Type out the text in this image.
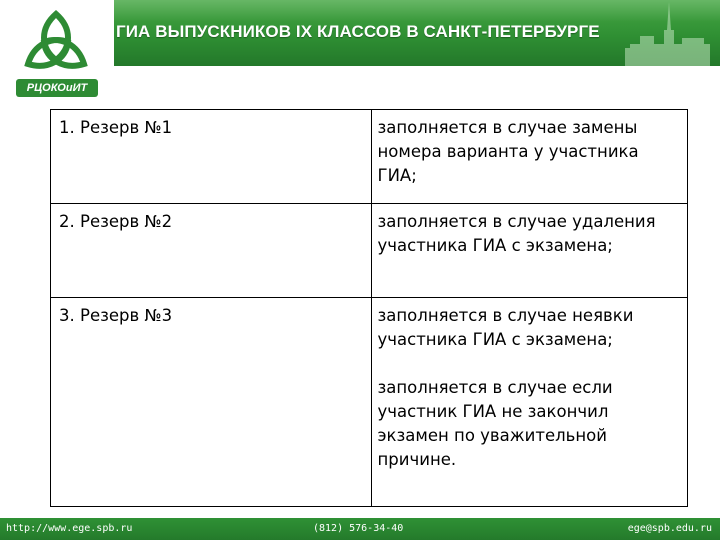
ГИА ВЫПУСКНИКОВ IX КЛАССОВ В САНКТ-ПЕТЕРБУРГЕ
РЦОКОиИТ
1. Резерв №1	заполняется в случае замены номера варианта у участника ГИА;

2. Резерв №2	заполняется в случае удаления участника ГИА с экзамена;

3. Резерв №3	заполняется в случае неявки участника ГИА с экзамена;
заполняется в случае если участник ГИА не закончил экзамен по уважительной причине.
http://www.ege.spb.ru	(812) 576-34-40	ege@spb.edu.ru
